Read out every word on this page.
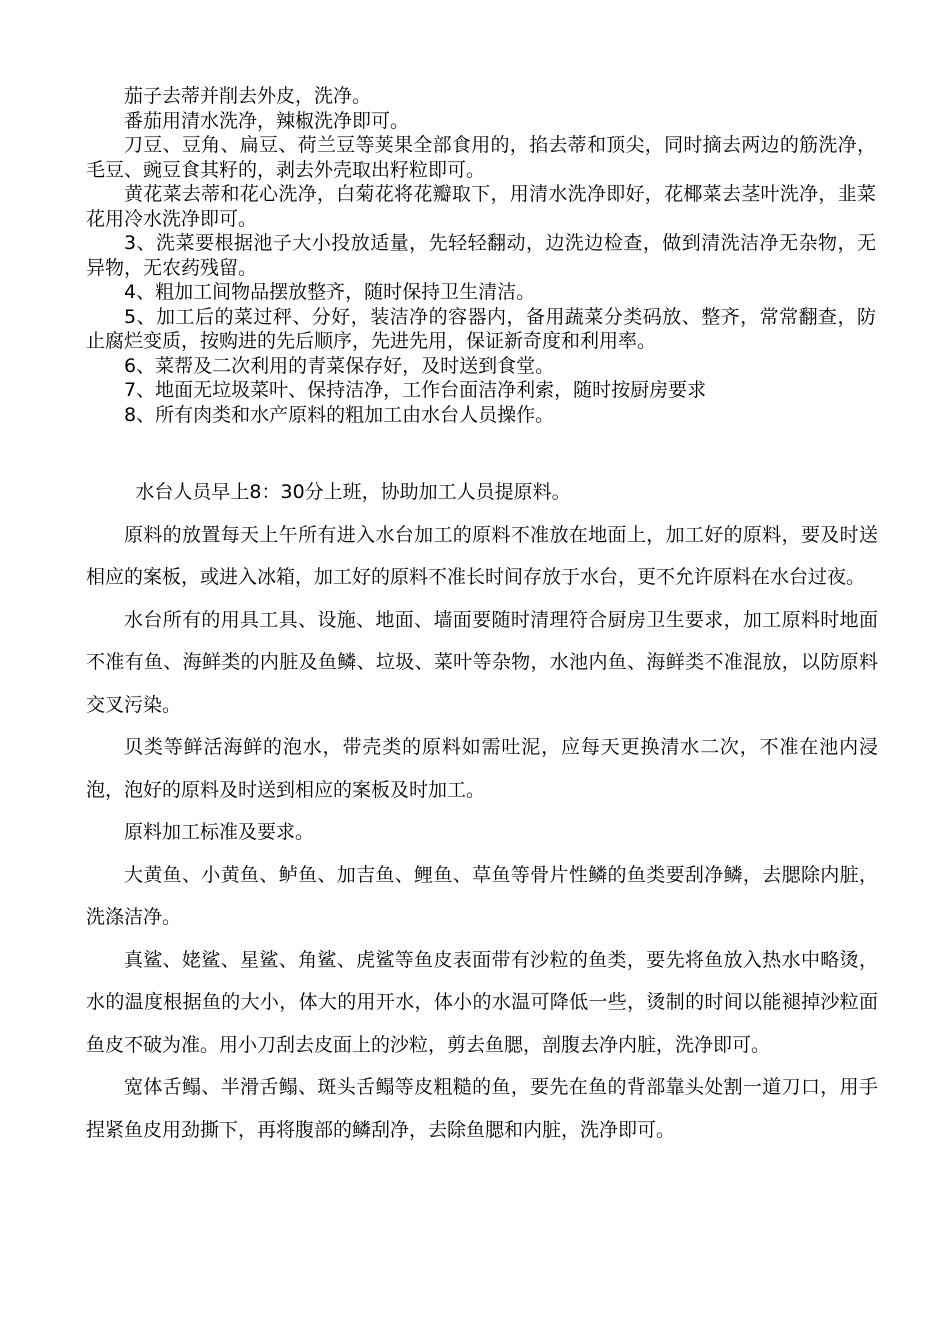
茄子去蒂并削去外皮，洗净。

番茄用清水洗净，辣椒洗净即可。

刀豆、豆角、扁豆、荷兰豆等荚果全部食用的，掐去蒂和顶尖，同时摘去两边的筋洗净，毛豆、豌豆食其籽的，剥去外壳取出籽粒即可。

黄花菜去蒂和花心洗净，白菊花将花瓣取下，用清水洗净即好，花椰菜去茎叶洗净，韭菜花用冷水洗净即可。

3、洗菜要根据池子大小投放适量，先轻轻翻动，边洗边检查，做到清洗洁净无杂物，无异物，无农药残留。

4、粗加工间物品摆放整齐，随时保持卫生清洁。

5、加工后的菜过秤、分好，装洁净的容器内，备用蔬菜分类码放、整齐，常常翻查，防止腐烂变质，按购进的先后顺序，先进先用，保证新奇度和利用率。

6、菜帮及二次利用的青菜保存好，及时送到食堂。

7、地面无垃圾菜叶、保持洁净，工作台面洁净利索，随时按厨房要求

8、所有肉类和水产原料的粗加工由水台人员操作。

水台人员早上8：30分上班，协助加工人员提原料。

原料的放置每天上午所有进入水台加工的原料不准放在地面上，加工好的原料，要及时送相应的案板，或进入冰箱，加工好的原料不准长时间存放于水台，更不允许原料在水台过夜。

水台所有的用具工具、设施、地面、墙面要随时清理符合厨房卫生要求，加工原料时地面不准有鱼、海鲜类的内脏及鱼鳞、垃圾、菜叶等杂物，水池内鱼、海鲜类不准混放，以防原料交叉污染。

贝类等鲜活海鲜的泡水，带壳类的原料如需吐泥，应每天更换清水二次，不准在池内浸泡，泡好的原料及时送到相应的案板及时加工。

原料加工标准及要求。

大黄鱼、小黄鱼、鲈鱼、加吉鱼、鲤鱼、草鱼等骨片性鳞的鱼类要刮净鳞，去腮除内脏，洗涤洁净。

真鲨、姥鲨、星鲨、角鲨、虎鲨等鱼皮表面带有沙粒的鱼类，要先将鱼放入热水中略烫，水的温度根据鱼的大小，体大的用开水，体小的水温可降低一些，烫制的时间以能褪掉沙粒面鱼皮不破为准。用小刀刮去皮面上的沙粒，剪去鱼腮，剖腹去净内脏，洗净即可。

宽体舌鳎、半滑舌鳎、斑头舌鳎等皮粗糙的鱼，要先在鱼的背部靠头处割一道刀口，用手捏紧鱼皮用劲撕下，再将腹部的鳞刮净，去除鱼腮和内脏，洗净即可。
